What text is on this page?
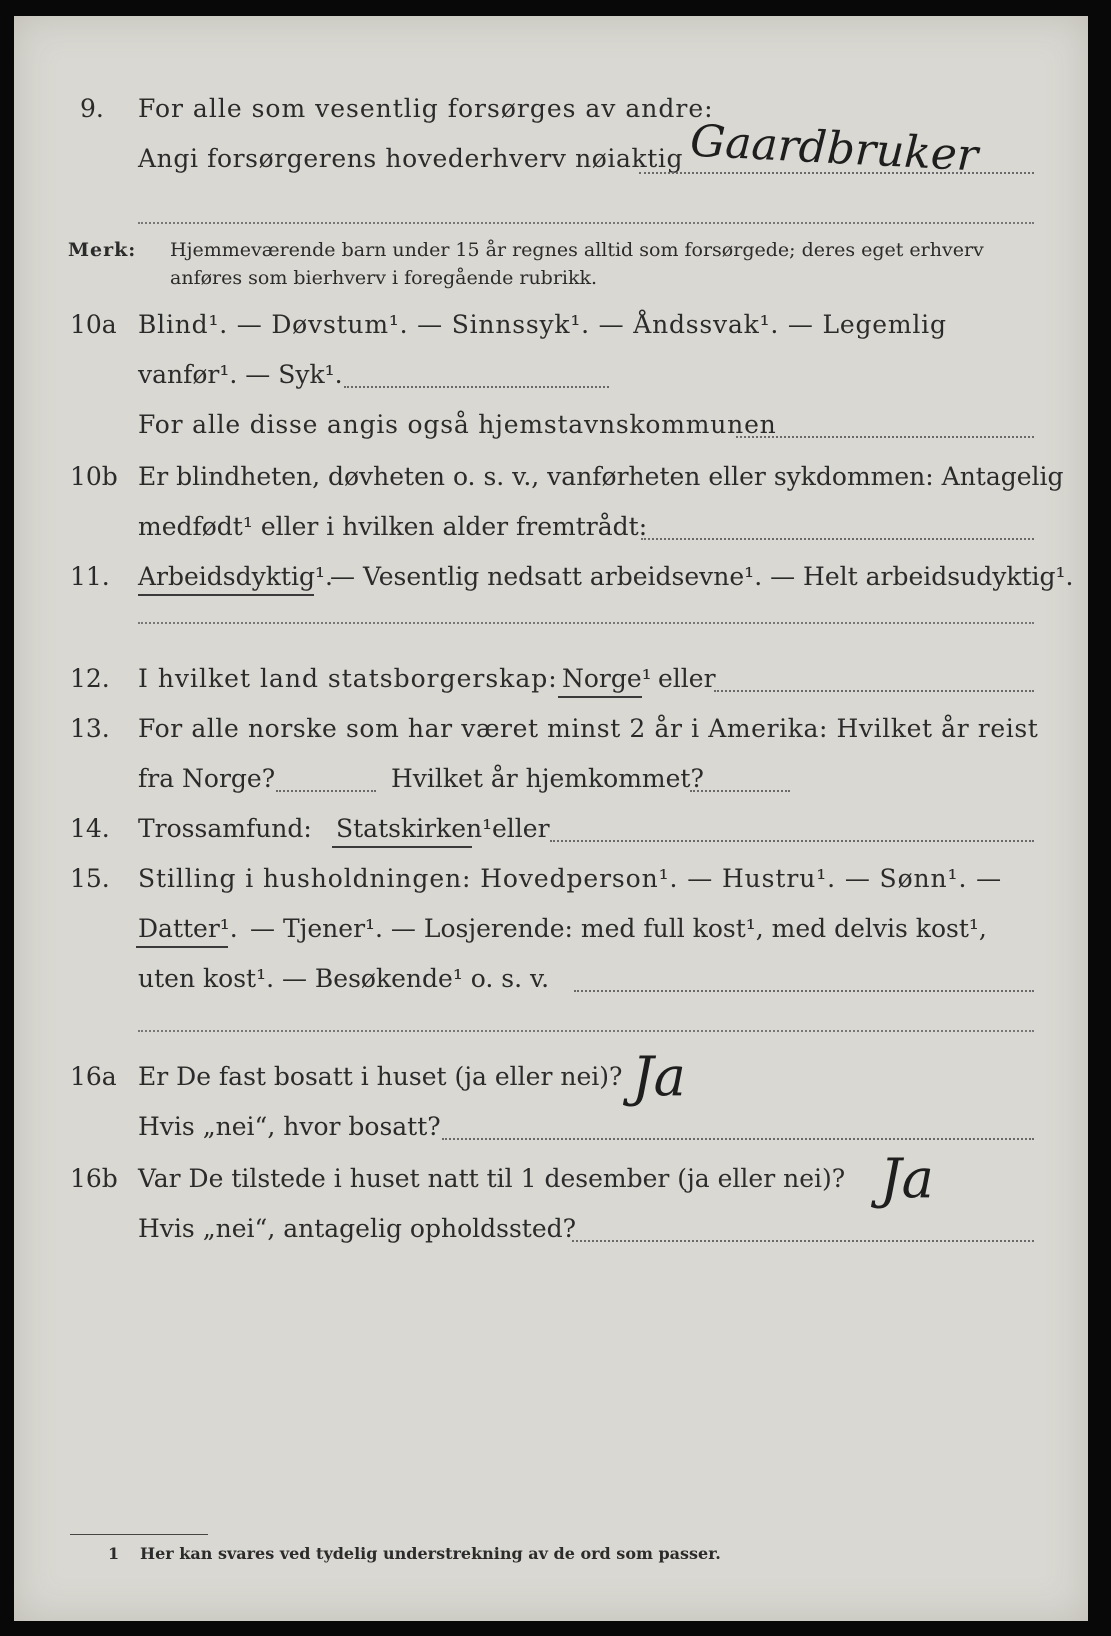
9. For alle som vesentlig forsørges av andre:
Angi forsørgerens hovederhverv nøiaktig Gaardbruker
Merk: Hjemmeværende barn under 15 år regnes alltid som forsørgede; deres eget erhverv
anføres som bierhverv i foregående rubrikk.
10a Blind¹. — Døvstum¹. — Sinnssyk¹. — Åndssvak¹. — Legemlig
vanfør¹. — Syk¹.
For alle disse angis også hjemstavnskommunen
10b Er blindheten, døvheten o. s. v., vanførheten eller sykdommen: Antagelig
medfødt¹ eller i hvilken alder fremtrådt:
11. Arbeidsdyktig¹.
— Vesentlig nedsatt arbeidsevne¹. — Helt arbeidsudyktig¹.
12. I hvilket land statsborgerskap: Norge¹ eller
13. For alle norske som har været minst 2 år i Amerika: Hvilket år reist
fra Norge?	Hvilket år hjemkommet?
14. Trossamfund: Statskirken¹ eller
15. Stilling i husholdningen: Hovedperson¹. — Hustru¹. — Sønn¹. —
Datter¹. — Tjener¹. — Losjerende: med full kost¹, med delvis kost¹,
uten kost¹. — Besøkende¹ o. s. v.
16a Er De fast bosatt i huset (ja eller nei)? Ja
Hvis „nei“, hvor bosatt?
16b Var De tilstede i huset natt til 1 desember (ja eller nei)? Ja
Hvis „nei“, antagelig opholdssted?
1 Her kan svares ved tydelig understrekning av de ord som passer.
